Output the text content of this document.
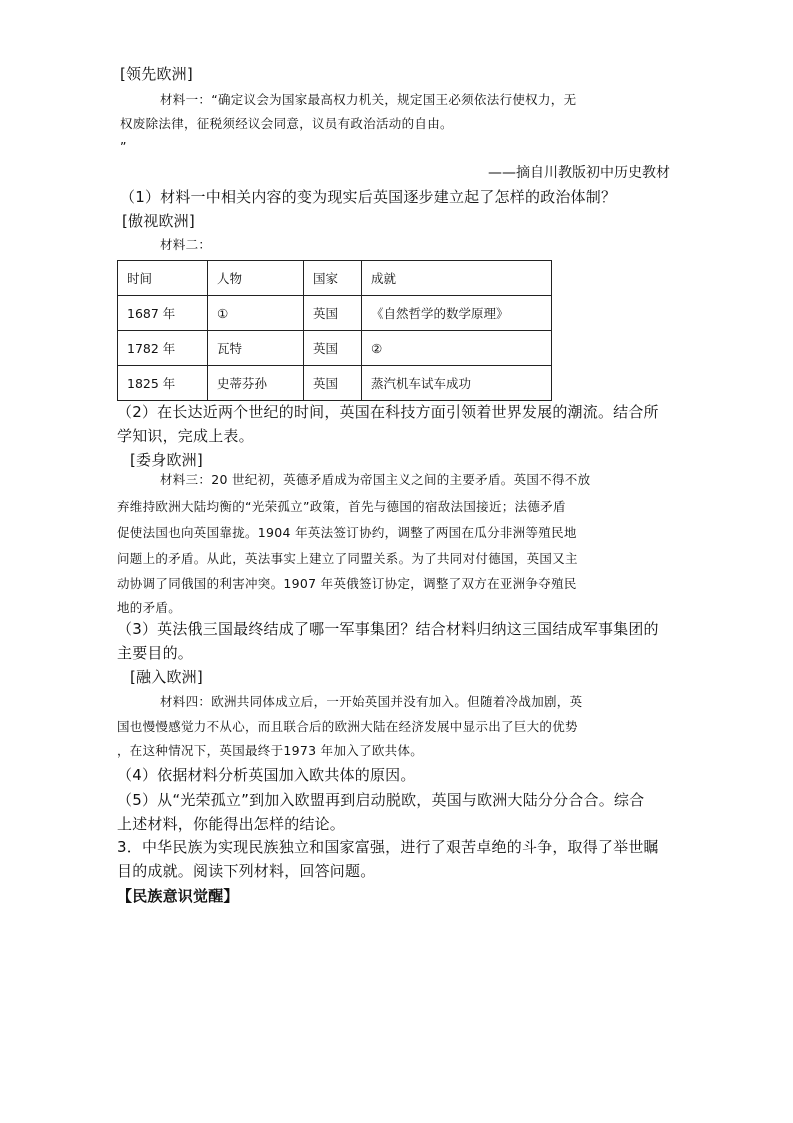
[领先欧洲]
材料一：“确定议会为国家最高权力机关，规定国王必须依法行使权力，无
权废除法律，征税须经议会同意，议员有政治活动的自由。
”
——摘自川教版初中历史教材
（1）材料一中相关内容的变为现实后英国逐步建立起了怎样的政治体制？
[傲视欧洲]
材料二：
时间	人物	国家	成就
1687 年	①	英国	《自然哲学的数学原理》
1782 年	瓦特	英国	②
1825 年	史蒂芬孙	英国	蒸汽机车试车成功
（2）在长达近两个世纪的时间，英国在科技方面引领着世界发展的潮流。结合所
学知识，完成上表。
[委身欧洲]
材料三：20 世纪初，英德矛盾成为帝国主义之间的主要矛盾。英国不得不放
弃维持欧洲大陆均衡的“光荣孤立”政策，首先与德国的宿敌法国接近；法德矛盾
促使法国也向英国靠拢。1904 年英法签订协约，调整了两国在瓜分非洲等殖民地
问题上的矛盾。从此，英法事实上建立了同盟关系。为了共同对付德国，英国又主
动协调了同俄国的利害冲突。1907 年英俄签订协定，调整了双方在亚洲争夺殖民
地的矛盾。
（3）英法俄三国最终结成了哪一军事集团？结合材料归纳这三国结成军事集团的
主要目的。
[融入欧洲]
材料四：欧洲共同体成立后，一开始英国并没有加入。但随着冷战加剧，英
国也慢慢感觉力不从心，而且联合后的欧洲大陆在经济发展中显示出了巨大的优势
，在这种情况下，英国最终于1973 年加入了欧共体。
（4）依据材料分析英国加入欧共体的原因。
（5）从“光荣孤立”到加入欧盟再到启动脱欧，英国与欧洲大陆分分合合。综合
上述材料，你能得出怎样的结论。
3．中华民族为实现民族独立和国家富强，进行了艰苦卓绝的斗争，取得了举世瞩
目的成就。阅读下列材料，回答问题。
【民族意识觉醒】
